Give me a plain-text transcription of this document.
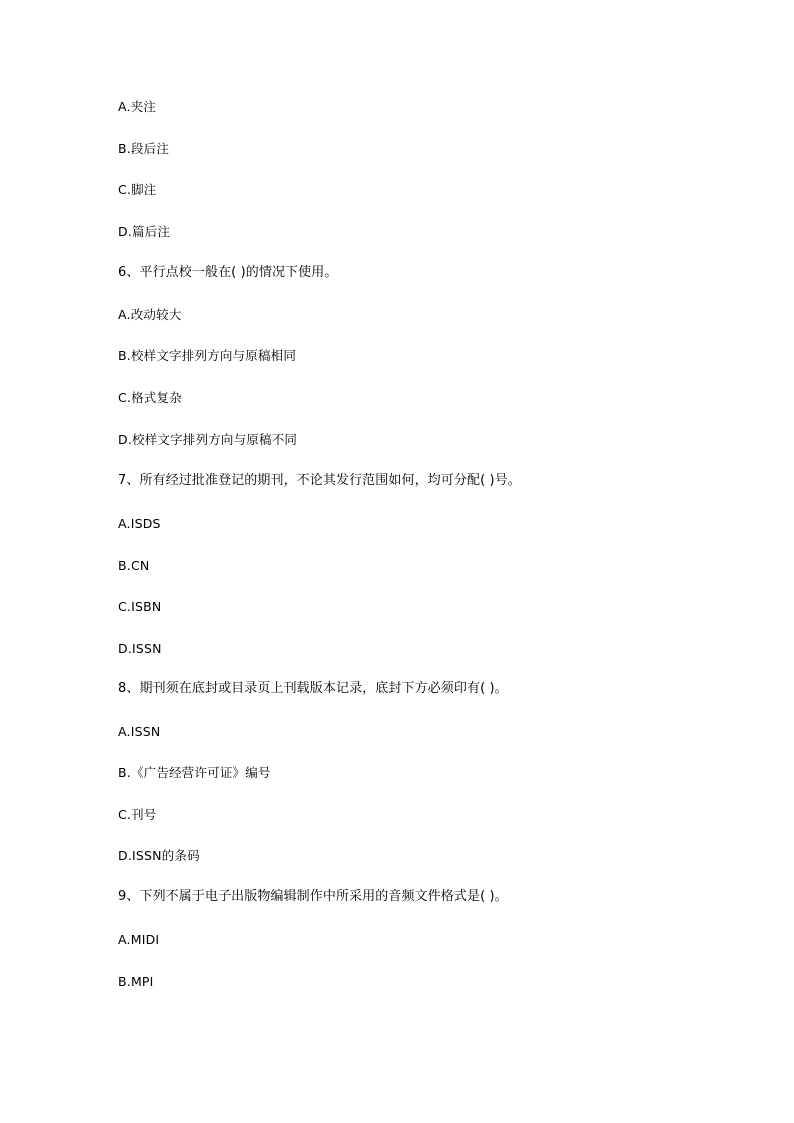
A.夹注
B.段后注
C.脚注
D.篇后注
6、平行点校一般在( )的情况下使用。
A.改动较大
B.校样文字排列方向与原稿相同
C.格式复杂
D.校样文字排列方向与原稿不同
7、所有经过批准登记的期刊，不论其发行范围如何，均可分配( )号。
A.ISDS
B.CN
C.ISBN
D.ISSN
8、期刊须在底封或目录页上刊载版本记录，底封下方必须印有( )。
A.ISSN
B.《广告经营许可证》编号
C.刊号
D.ISSN的条码
9、下列不属于电子出版物编辑制作中所采用的音频文件格式是( )。
A.MIDI
B.MPI
